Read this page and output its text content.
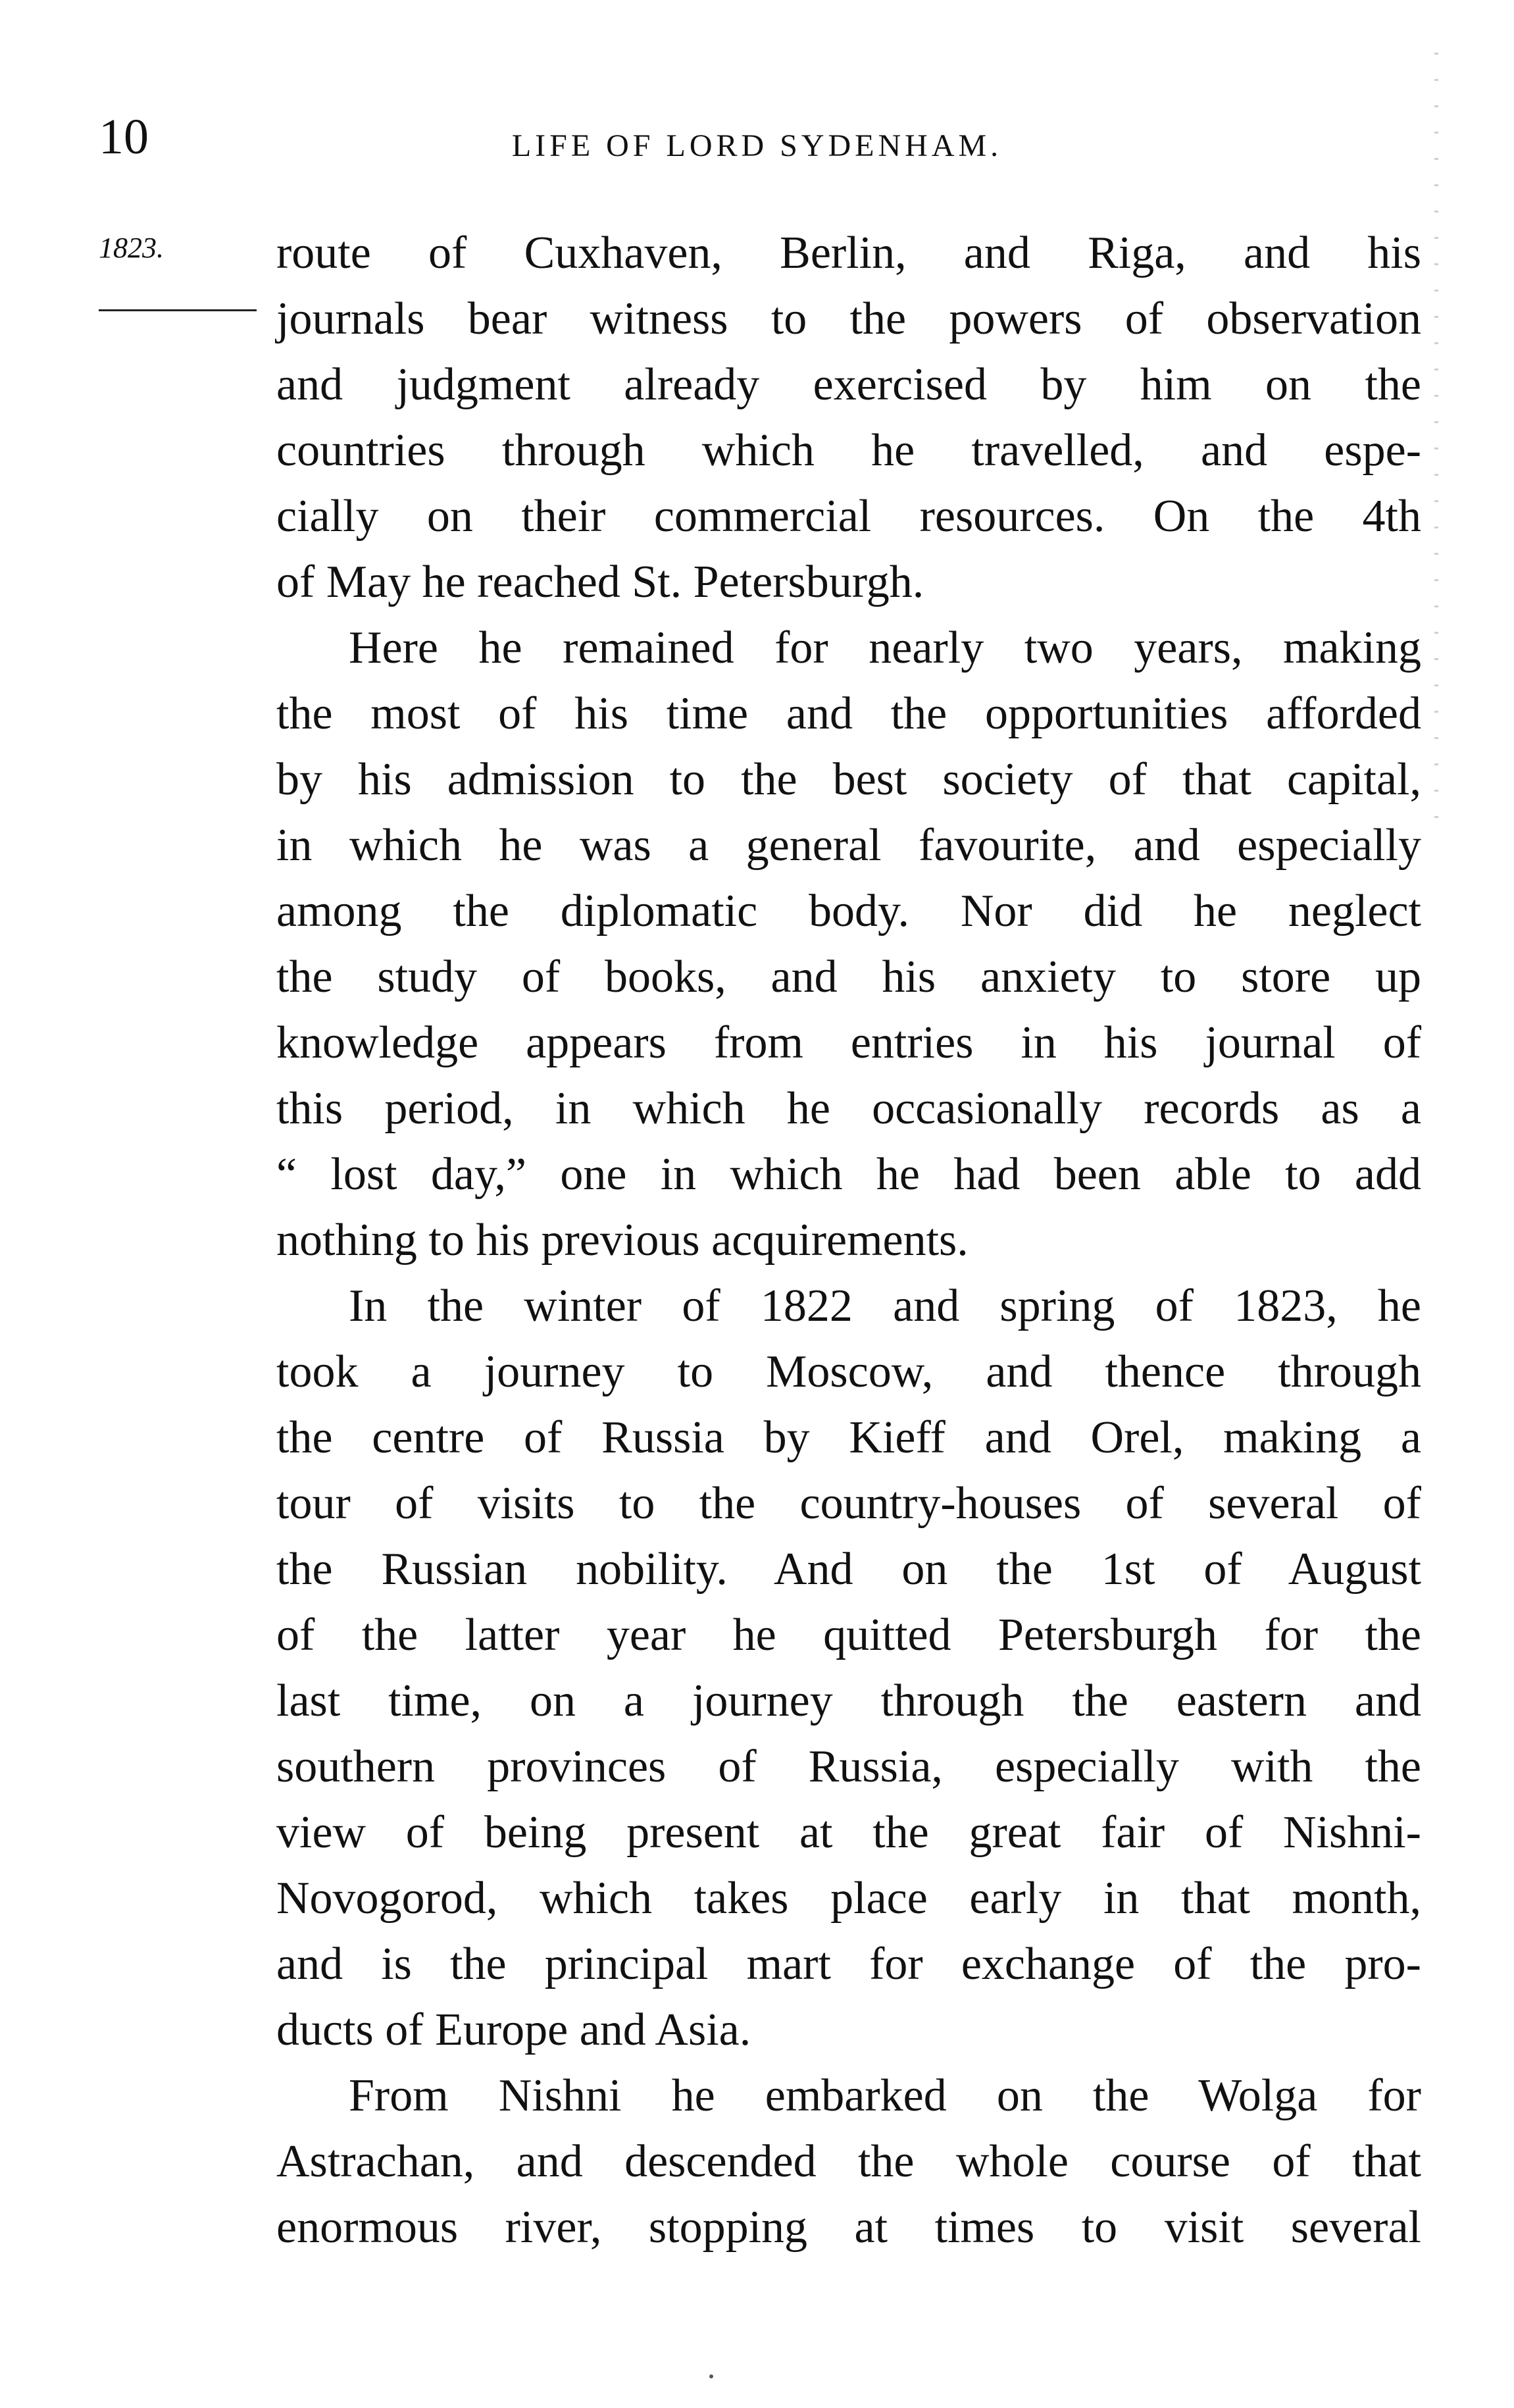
10	LIFE OF LORD SYDENHAM.
1823. route of Cuxhaven, Berlin, and Riga, and his
journals bear witness to the powers of observation
and judgment already exercised by him on the
countries through which he travelled, and espe-
cially on their commercial resources. On the 4th
of May he reached St. Petersburgh.
Here he remained for nearly two years, making
the most of his time and the opportunities afforded
by his admission to the best society of that capital,
in which he was a general favourite, and especially
among the diplomatic body. Nor did he neglect
the study of books, and his anxiety to store up
knowledge appears from entries in his journal of
this period, in which he occasionally records as a
“ lost day,” one in which he had been able to add
nothing to his previous acquirements.
In the winter of 1822 and spring of 1823, he
took a journey to Moscow, and thence through
the centre of Russia by Kieff and Orel, making a
tour of visits to the country-houses of several of
the Russian nobility. And on the 1st of August
of the latter year he quitted Petersburgh for the
last time, on a journey through the eastern and
southern provinces of Russia, especially with the
view of being present at the great fair of Nishni-
Novogorod, which takes place early in that month,
and is the principal mart for exchange of the pro-
ducts of Europe and Asia.
From Nishni he embarked on the Wolga for
Astrachan, and descended the whole course of that
enormous river, stopping at times to visit several
